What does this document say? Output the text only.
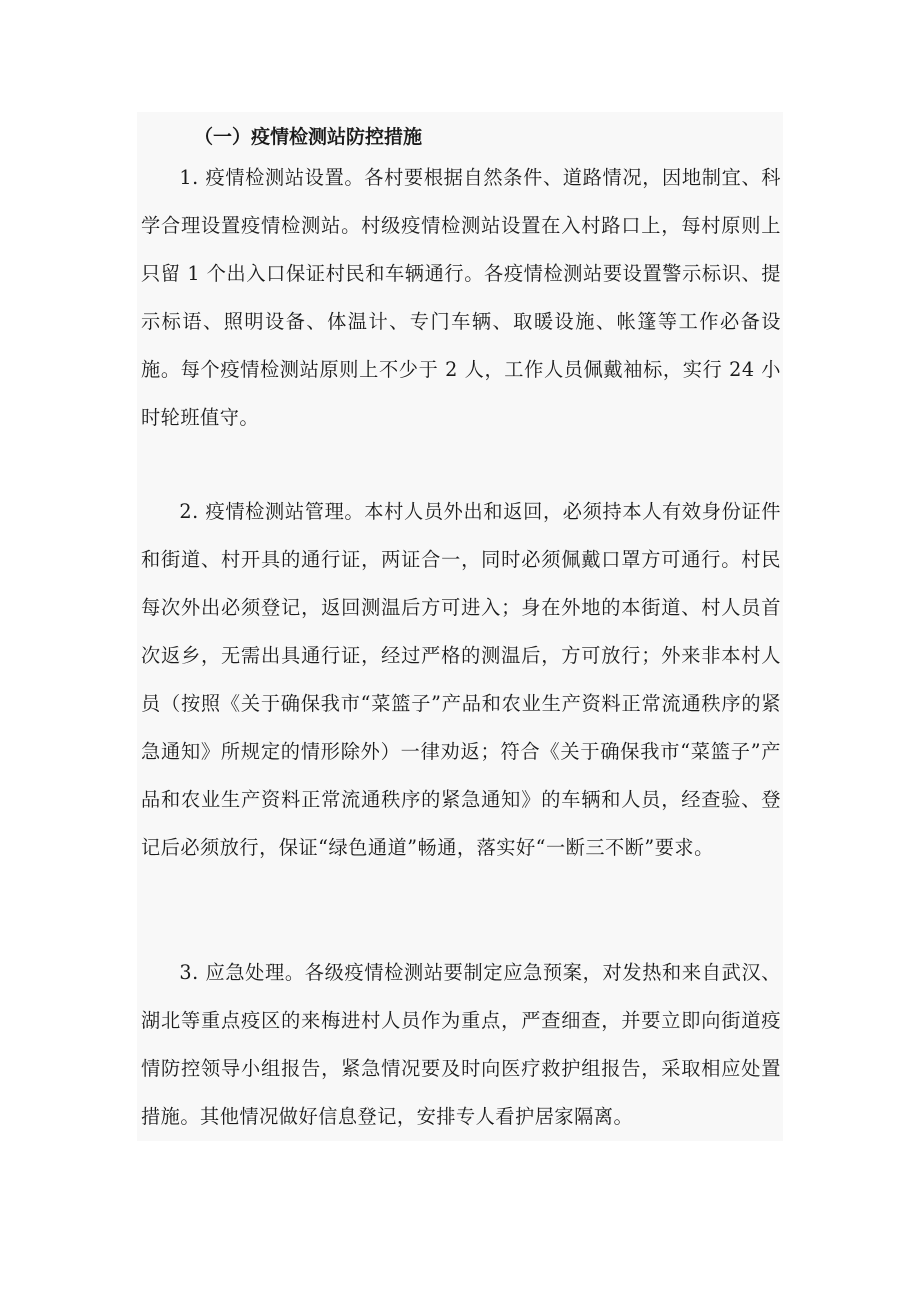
（一）疫情检测站防控措施

1. 疫情检测站设置。各村要根据自然条件、道路情况，因地制宜、科学合理设置疫情检测站。村级疫情检测站设置在入村路口上，每村原则上只留 1 个出入口保证村民和车辆通行。各疫情检测站要设置警示标识、提示标语、照明设备、体温计、专门车辆、取暖设施、帐篷等工作必备设施。每个疫情检测站原则上不少于 2 人，工作人员佩戴袖标，实行 24 小时轮班值守。

2. 疫情检测站管理。本村人员外出和返回，必须持本人有效身份证件和街道、村开具的通行证，两证合一，同时必须佩戴口罩方可通行。村民每次外出必须登记，返回测温后方可进入；身在外地的本街道、村人员首次返乡，无需出具通行证，经过严格的测温后，方可放行；外来非本村人员（按照《关于确保我市“菜篮子”产品和农业生产资料正常流通秩序的紧急通知》所规定的情形除外）一律劝返；符合《关于确保我市“菜篮子”产品和农业生产资料正常流通秩序的紧急通知》的车辆和人员，经查验、登记后必须放行，保证“绿色通道”畅通，落实好“一断三不断”要求。

3. 应急处理。各级疫情检测站要制定应急预案，对发热和来自武汉、湖北等重点疫区的来梅进村人员作为重点，严查细查，并要立即向街道疫情防控领导小组报告，紧急情况要及时向医疗救护组报告，采取相应处置措施。其他情况做好信息登记，安排专人看护居家隔离。
